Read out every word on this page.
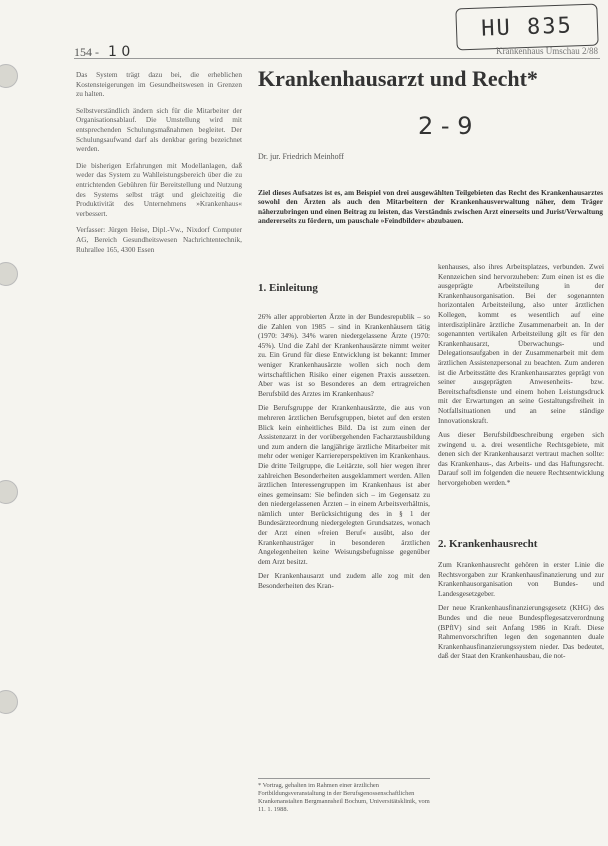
HU 835
154 - 1 0	Krankenhaus Umschau 2/88

Das System trägt dazu bei, die erheblichen Kostensteigerungen im Gesundheitswesen in Grenzen zu halten.

Selbstverständlich ändern sich für die Mitarbeiter der Organisationsablauf. Die Umstellung wird mit entsprechenden Schulungsmaßnahmen begleitet. Der Schulungsaufwand darf als denkbar gering bezeichnet werden.

Die bisherigen Erfahrungen mit Modellanlagen, daß weder das System zu Wahlleistungsbereich über die zu entrichtenden Gebühren für Bereitstellung und Nutzung des Systems selbst trägt und gleichzeitig die Produktivität des Unternehmens »Krankenhaus« verbessert.

Verfasser: Jürgen Heise, Dipl.-Vw., Nixdorf Computer AG, Bereich Gesundheitswesen Nachrichtentechnik, Ruhrallee 165, 4300 Essen

Krankenhausarzt und Recht*
2 - 9
Dr. jur. Friedrich Meinhoff
Ziel dieses Aufsatzes ist es, am Beispiel von drei ausgewählten Teilgebieten das Recht des Krankenhausarztes sowohl den Ärzten als auch den Mitarbeitern der Krankenhausverwaltung näher, dem Träger näherzubringen und einen Beitrag zu leisten, das Verständnis zwischen Arzt einerseits und Jurist/Verwaltung andererseits zu fördern, um pauschale »Feindbilder« abzubauen.
1. Einleitung

26% aller approbierten Ärzte in der Bundesrepublik – so die Zahlen von 1985 – sind in Krankenhäusern tätig (1970: 34%). 34% waren niedergelassene Ärzte (1970: 45%). Und die Zahl der Krankenhausärzte nimmt weiter zu. Ein Grund für diese Entwicklung ist bekannt: Immer weniger Krankenhausärzte wollen sich noch dem wirtschaftlichen Risiko einer eigenen Praxis aussetzen. Aber was ist so Besonderes an dem ertragreichen Berufsbild des Arztes im Krankenhaus?

Die Berufsgruppe der Krankenhausärzte, die aus von mehreren ärztlichen Berufsgruppen, bietet auf den ersten Blick kein einheitliches Bild. Da ist zum einen der Assistenzarzt in der vorübergehenden Facharztausbildung und zum andern die langjährige ärztliche Mitarbeiter mit mehr oder weniger Karriereperspektiven im Krankenhaus. Die dritte Teilgruppe, die Leitärzte, soll hier wegen ihrer zahlreichen Besonderheiten ausgeklammert werden. Allen ärztlichen Interessengruppen im Krankenhaus ist aber eines gemeinsam: Sie befinden sich – im Gegensatz zu den niedergelassenen Ärzten – in einem Arbeitsverhältnis, nämlich unter Berücksichtigung des in § 1 der Bundesärzteordnung niedergelegten Grundsatzes, wonach der Arzt einen »freien Beruf« ausübt, also der Krankenhausträger in besonderen ärztlichen Angelegenheiten keine Weisungsbefugnisse gegenüber dem Arzt besitzt.

Der Krankenhausarzt und zudem alle zog mit den Besonderheiten des Kran-

kenhauses, also ihres Arbeitsplatzes, verbunden. Zwei Kennzeichen sind hervorzuheben: Zum einen ist es die ausgeprägte Arbeitsteilung in der Krankenhausorganisation. Bei der sogenannten horizontalen Arbeitsteilung, also unter ärztlichen Kollegen, kommt es wesentlich auf eine interdisziplinäre ärztliche Zusammenarbeit an. In der sogenannten vertikalen Arbeitsteilung gilt es für den Krankenhausarzt, Überwachungs- und Delegationsaufgaben in der Zusammenarbeit mit dem ärztlichen Assistenzpersonal zu beachten. Zum anderen ist die Arbeitsstätte des Krankenhausarztes geprägt von seiner ausgeprägten Anwesenheits- bzw. Bereitschaftsdienste und einem hohen Leistungsdruck mit der Erwartungen an seine Gestaltungsfreiheit in Notfallsituationen und an seine ständige Innovationskraft.

Aus dieser Berufsbildbeschreibung ergeben sich zwingend u. a. drei wesentliche Rechtsgebiete, mit denen sich der Krankenhausarzt vertraut machen sollte: das Krankenhaus-, das Arbeits- und das Haftungsrecht. Darauf soll im folgenden die neuere Rechtsentwicklung hervorgehoben werden.*

2. Krankenhausrecht

Zum Krankenhausrecht gehören in erster Linie die Rechtsvorgaben zur Krankenhausfinanzierung und zur Krankenhausorganisation von Bundes- und Landesgesetzgeber.

Der neue Krankenhausfinanzierungsgesetz (KHG) des Bundes und die neue Bundespflegesatzverordnung (BPflV) sind seit Anfang 1986 in Kraft. Diese Rahmenvorschriften legen den sogenannten duale Krankenhausfinanzierungssystem nieder. Das bedeutet, daß der Staat den Krankenhausbau, die not-

* Vortrag, gehalten im Rahmen einer ärztlichen Fortbildungsveranstaltung in der Berufsgenossenschaftlichen Krankenanstalten Bergmannsheil Bochum, Universitätsklinik, vom 11. 1. 1988.
